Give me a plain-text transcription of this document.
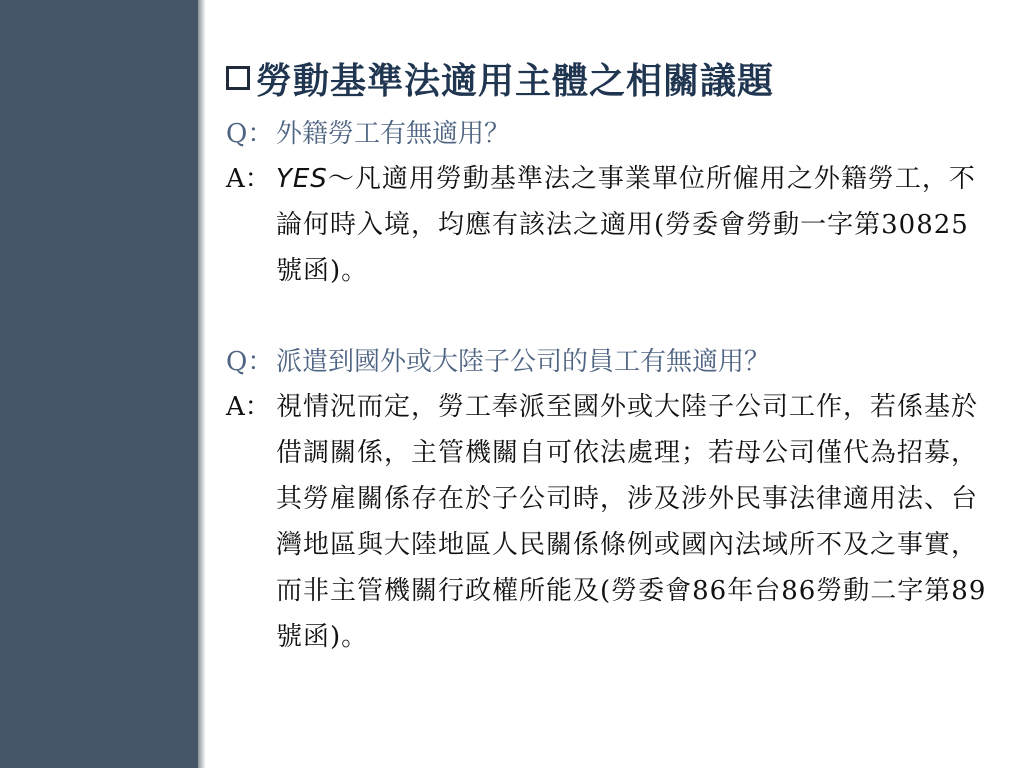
勞動基準法適用主體之相關議題
Q： 外籍勞工有無適用？
A： YES～凡適用勞動基準法之事業單位所僱用之外籍勞工，不論何時入境，均應有該法之適用(勞委會勞動一字第30825號函)。
Q： 派遣到國外或大陸子公司的員工有無適用？
A： 視情況而定，勞工奉派至國外或大陸子公司工作，若係基於借調關係，主管機關自可依法處理；若母公司僅代為招募，其勞雇關係存在於子公司時，涉及涉外民事法律適用法、台灣地區與大陸地區人民關係條例或國內法域所不及之事實，而非主管機關行政權所能及(勞委會86年台86勞動二字第89號函)。
